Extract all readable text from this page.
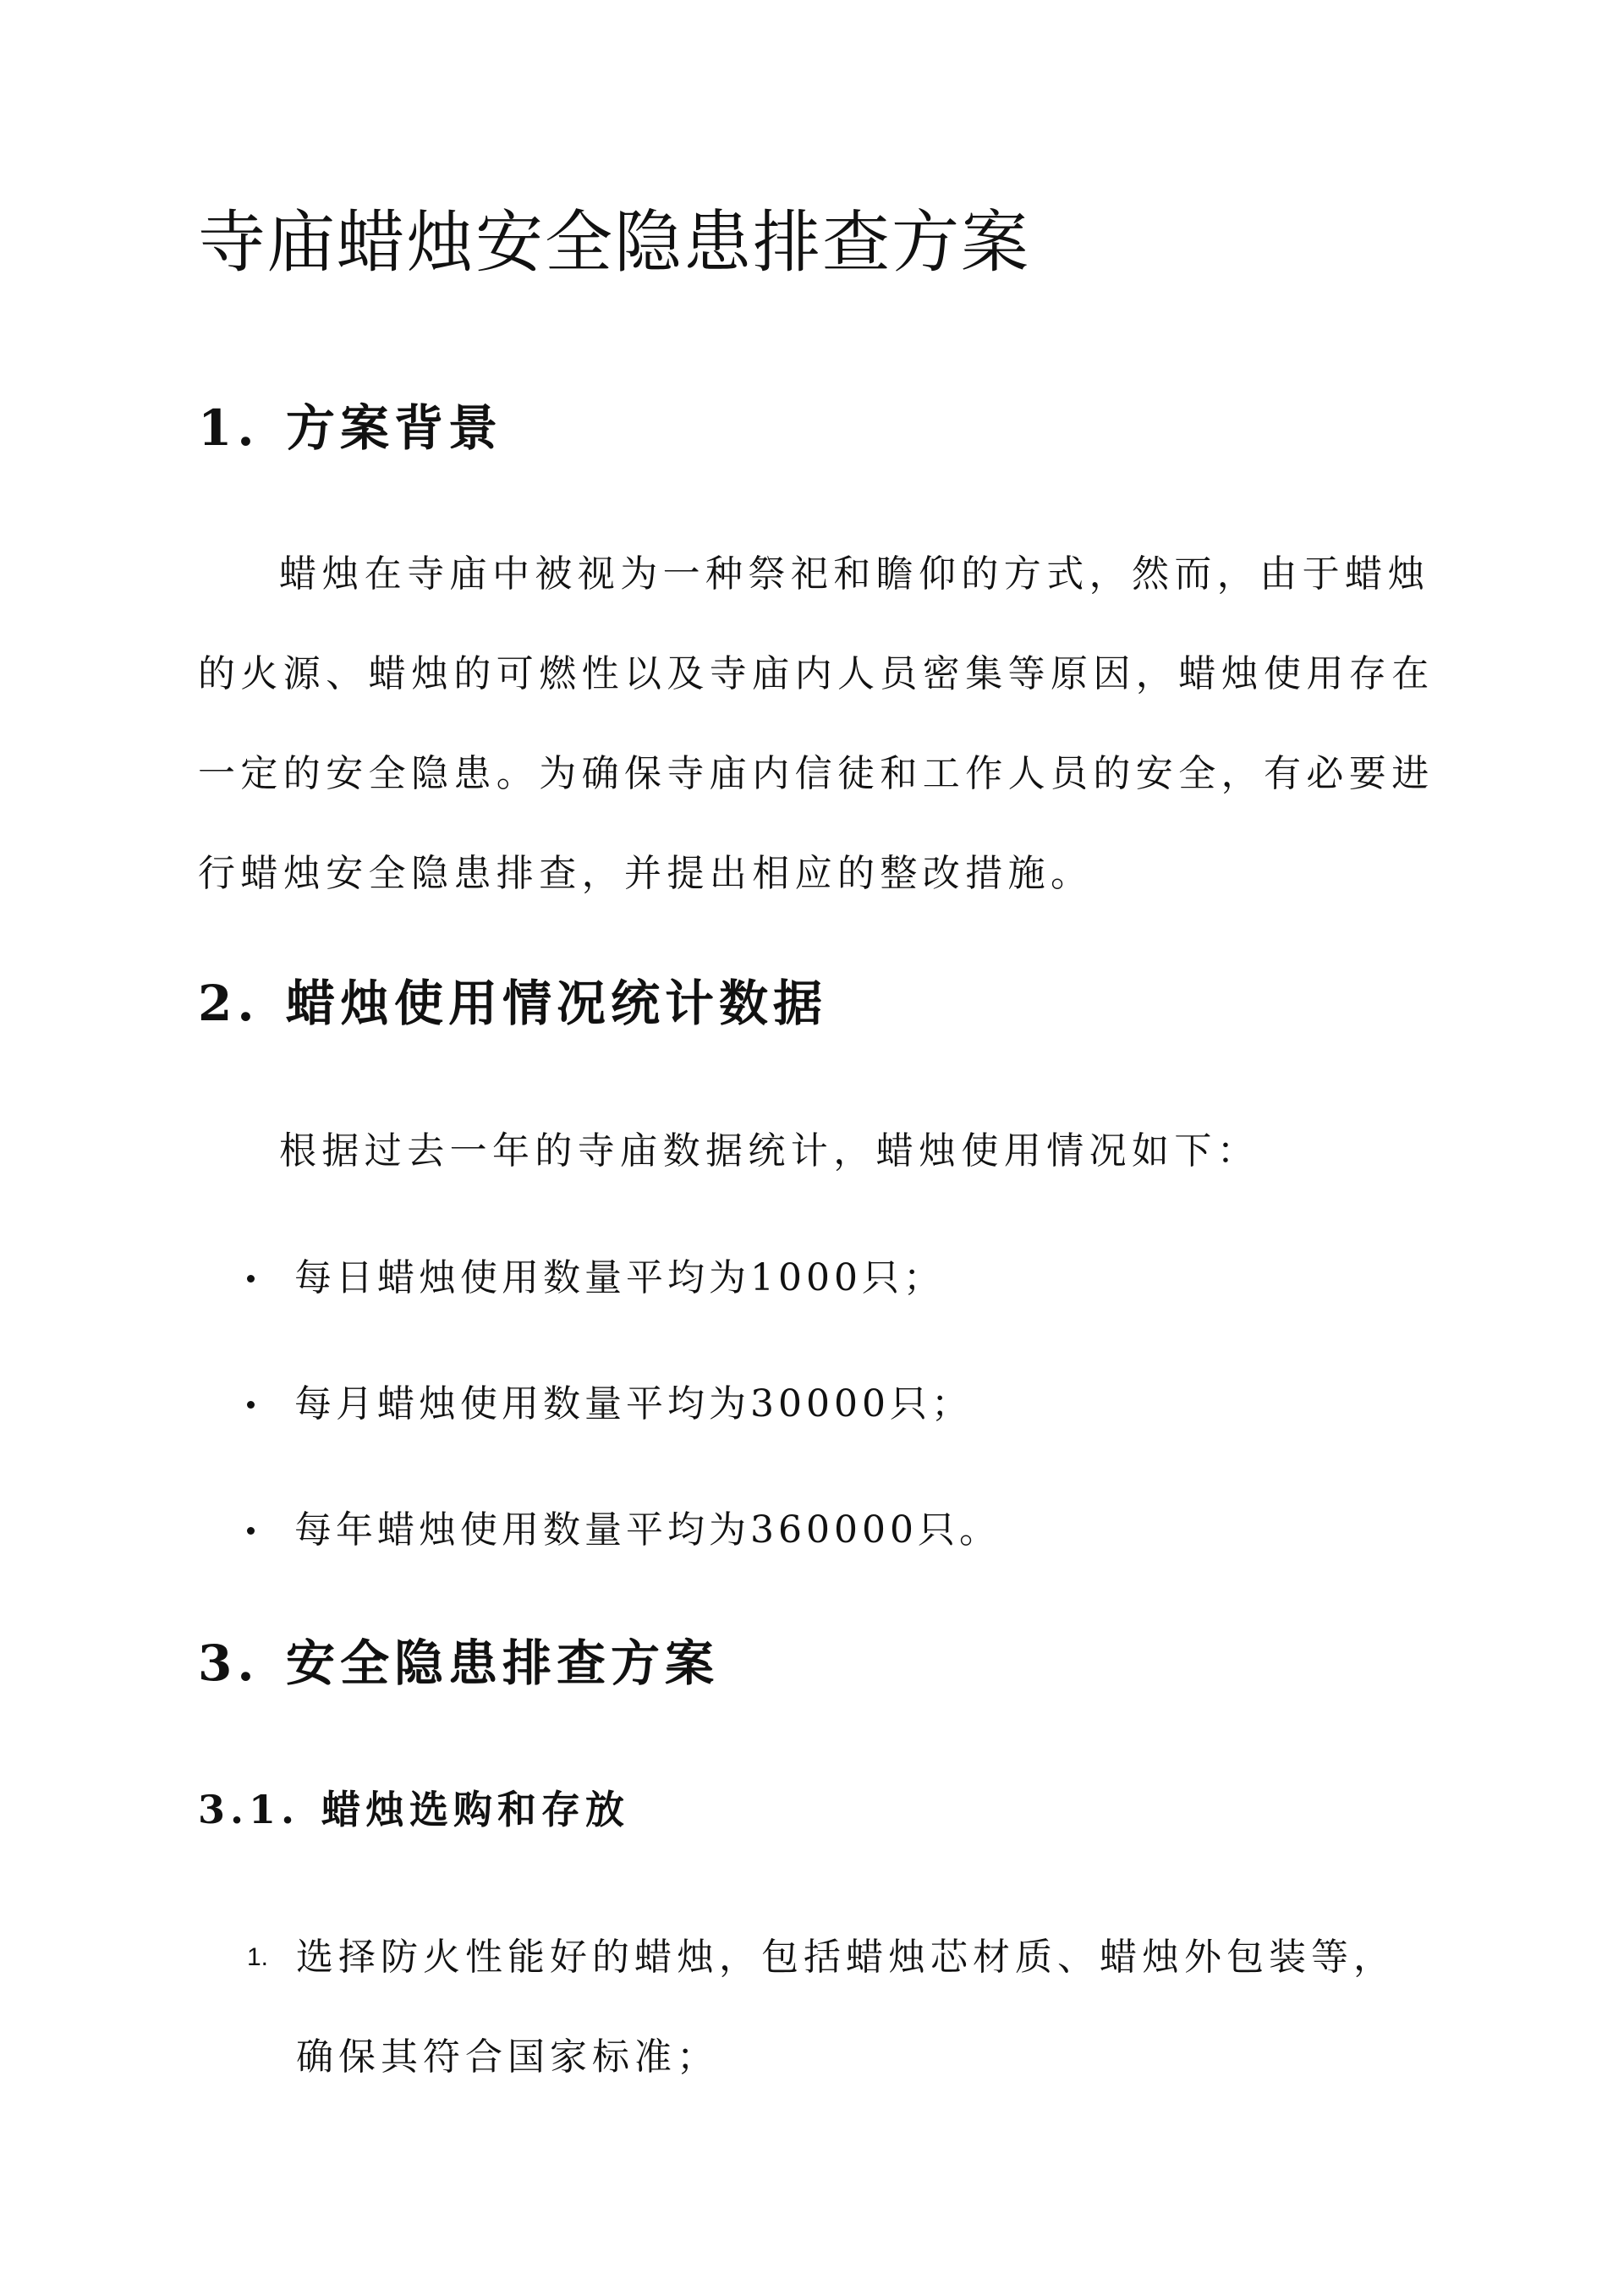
寺庙蜡烛安全隐患排查方案
1. 方案背景

蜡烛在寺庙中被视为一种祭祀和瞻仰的方式，然而，由于蜡烛
的火源、蜡烛的可燃性以及寺庙内人员密集等原因，蜡烛使用存在
一定的安全隐患。为确保寺庙内信徒和工作人员的安全，有必要进
行蜡烛安全隐患排查，并提出相应的整改措施。

2. 蜡烛使用情况统计数据

根据过去一年的寺庙数据统计，蜡烛使用情况如下：

每日蜡烛使用数量平均为1000只；
每月蜡烛使用数量平均为30000只；
每年蜡烛使用数量平均为360000只。
3. 安全隐患排查方案
3.1. 蜡烛选购和存放
1. 选择防火性能好的蜡烛，包括蜡烛芯材质、蜡烛外包装等，
确保其符合国家标准；
